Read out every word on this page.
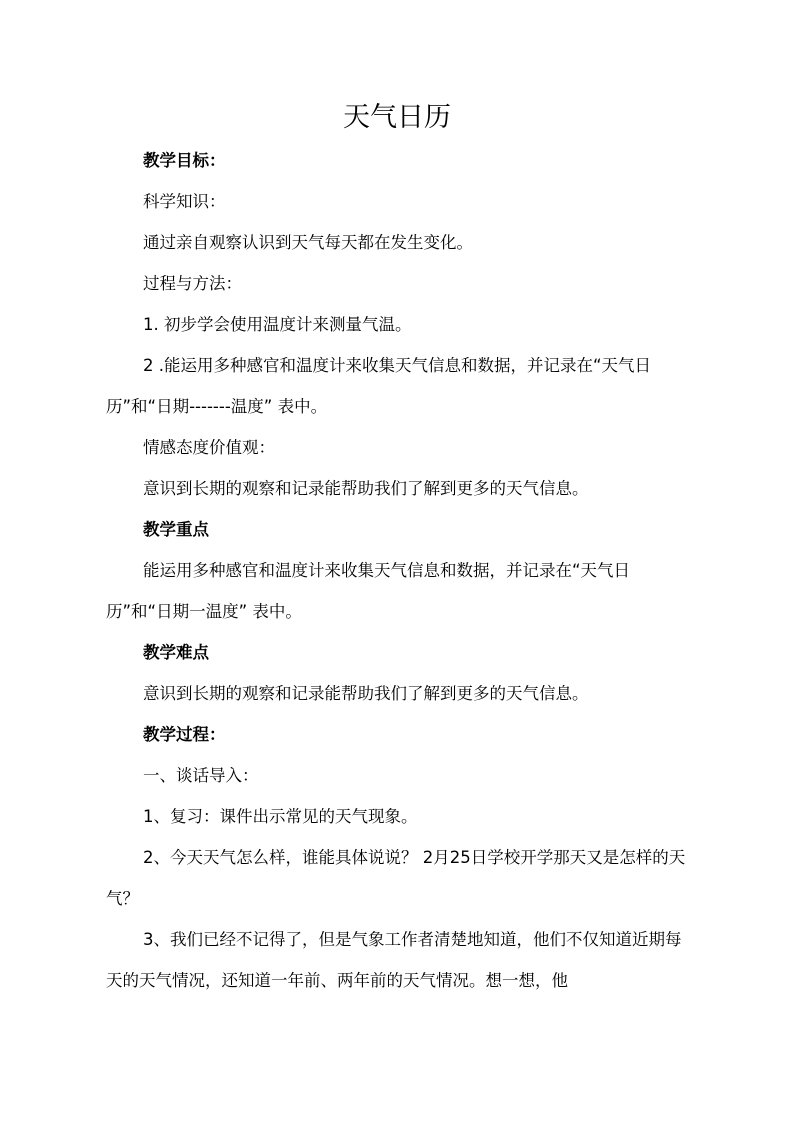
天气日历

教学目标：

科学知识：

通过亲自观察认识到天气每天都在发生变化。

过程与方法：

1. 初步学会使用温度计来测量气温。

2 .能运用多种感官和温度计来收集天气信息和数据，并记录在“天气日历”和“日期-------温度” 表中。

情感态度价值观：

意识到长期的观察和记录能帮助我们了解到更多的天气信息。

教学重点

能运用多种感官和温度计来收集天气信息和数据，并记录在“天气日历”和“日期一温度” 表中。

教学难点

意识到长期的观察和记录能帮助我们了解到更多的天气信息。

教学过程：

一、谈话导入：

1、复习：课件出示常见的天气现象。

2、今天天气怎么样，谁能具体说说？ 2月25日学校开学那天又是怎样的天气？

3、我们已经不记得了，但是气象工作者清楚地知道，他们不仅知道近期每天的天气情况，还知道一年前、两年前的天气情况。想一想，他
